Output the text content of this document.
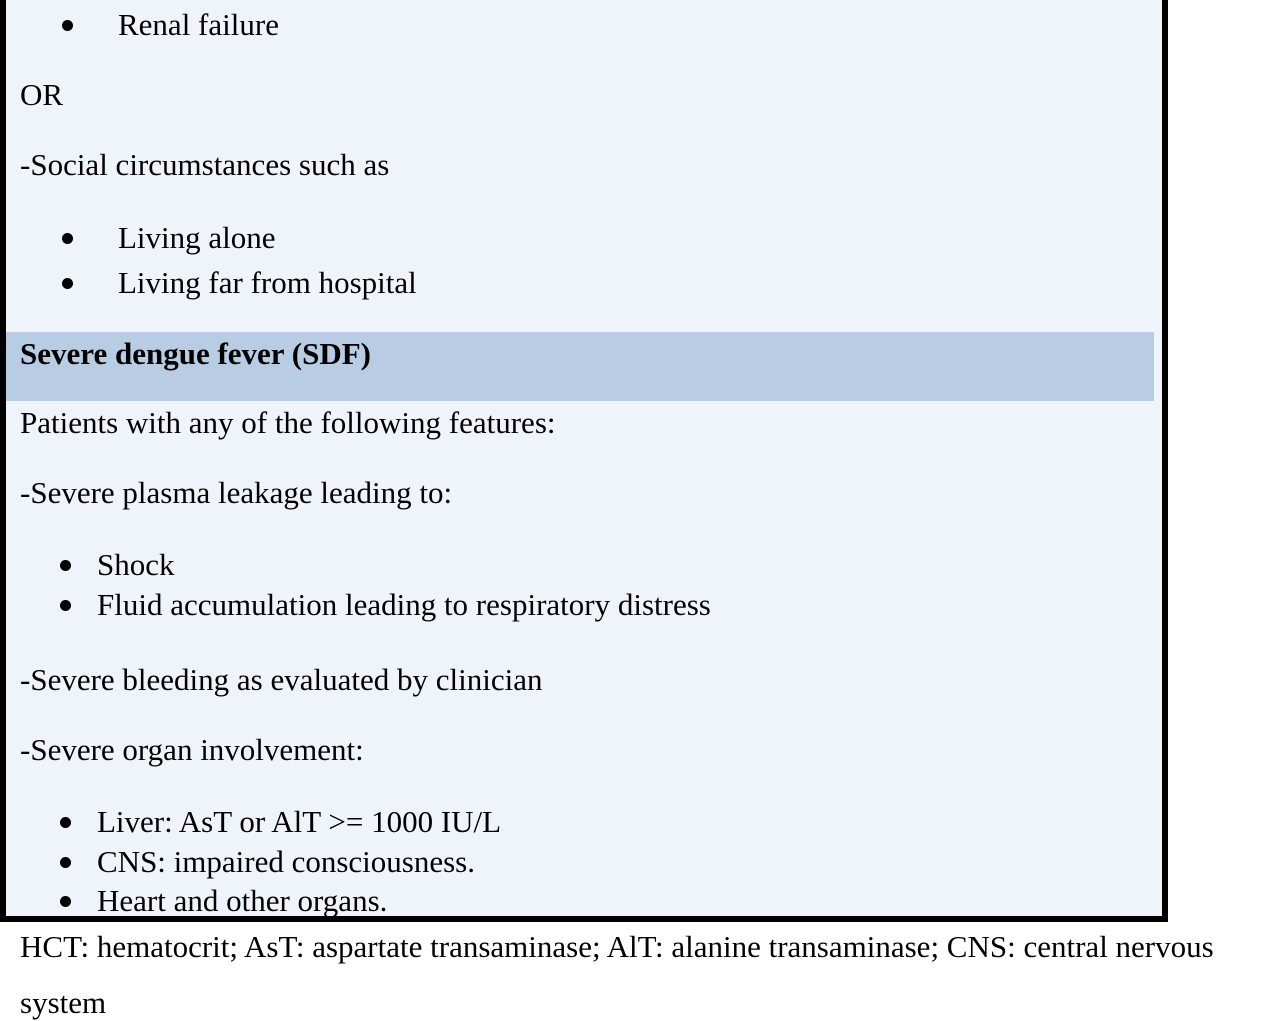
Renal failure
OR
-Social circumstances such as
Living alone
Living far from hospital
Severe dengue fever (SDF)
Patients with any of the following features:
-Severe plasma leakage leading to:
Shock
Fluid accumulation leading to respiratory distress
-Severe bleeding as evaluated by clinician
-Severe organ involvement:
Liver: AsT or AlT >= 1000 IU/L
CNS: impaired consciousness.
Heart and other organs.
HCT: hematocrit; AsT: aspartate transaminase; AlT: alanine transaminase; CNS: central nervous
system
